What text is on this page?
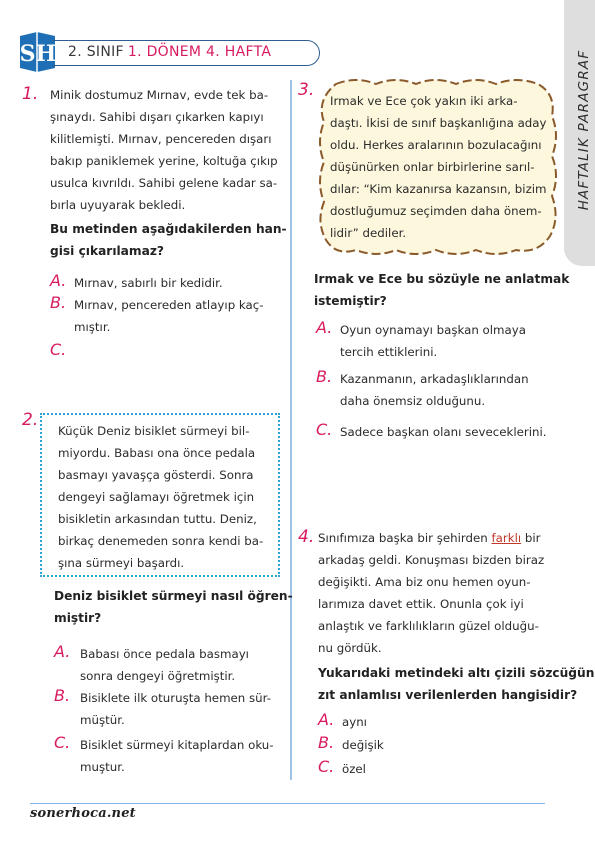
SH 2. SINIF 1. DÖNEM 4. HAFTA	HAFTALIK PARAGRAF
1. Minik dostumuz Mırnav, evde tek ba-
şınaydı. Sahibi dışarı çıkarken kapıyı
kilitlemişti. Mırnav, pencereden dışarı
bakıp paniklemek yerine, koltuğa çıkıp
usulca kıvrıldı. Sahibi gelene kadar sa-
bırla uyuyarak bekledi.
Bu metinden aşağıdakilerden han-
gisi çıkarılamaz?
A. Mırnav, sabırlı bir kedidir.
B. Mırnav, pencereden atlayıp kaç-
mıştır.
C.
2.
Küçük Deniz bisiklet sürmeyi bil-
miyordu. Babası ona önce pedala
basmayı yavaşça gösterdi. Sonra
dengeyi sağlamayı öğretmek için
bisikletin arkasından tuttu. Deniz,
birkaç denemeden sonra kendi ba-
şına sürmeyi başardı.
Deniz bisiklet sürmeyi nasıl öğren-
miştir?
A. Babası önce pedala basmayı
sonra dengeyi öğretmiştir.
B. Bisiklete ilk oturuşta hemen sür-
müştür.
C. Bisiklet sürmeyi kitaplardan oku-
muştur.
3.
Irmak ve Ece çok yakın iki arka-
daştı. İkisi de sınıf başkanlığına aday
oldu. Herkes aralarının bozulacağını
düşünürken onlar birbirlerine sarıl-
dılar: “Kim kazanırsa kazansın, bizim
dostluğumuz seçimden daha önem-
lidir” dediler.
Irmak ve Ece bu sözüyle ne anlatmak
istemiştir?
A. Oyun oynamayı başkan olmaya
tercih ettiklerini.
B. Kazanmanın, arkadaşlıklarından
daha önemsiz olduğunu.
C. Sadece başkan olanı seveceklerini.
4. Sınıfımıza başka bir şehirden farklı bir
arkadaş geldi. Konuşması bizden biraz
değişikti. Ama biz onu hemen oyun-
larımıza davet ettik. Onunla çok iyi
anlaştık ve farklılıkların güzel olduğu-
nu gördük.
Yukarıdaki metindeki altı çizili sözcüğün
zıt anlamlısı verilenlerden hangisidir?
A. aynı
B. değişik
C. özel
sonerhoca.net
